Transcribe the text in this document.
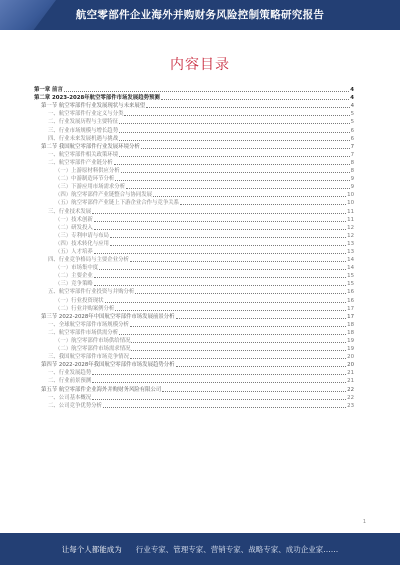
航空零部件企业海外并购财务风险控制策略研究报告
内容目录
第一章 前言	4
第二章 2023-2028年航空零部件市场发展趋势预测	4
第一节 航空零部件行业发展现状与未来展望	4
一、航空零部件行业定义与分类	5
二、行业发展历程与主要特征	5
三、行业市场规模与增长趋势	6
四、行业未来发展机遇与挑战	6
第二节 我国航空零部件行业发展环境分析	7
一、航空零部件相关政策环境	7
二、航空零部件产业链分析	8
（一）上游原材料供应分析	8
（二）中游制造环节分析	9
（三）下游应用市场需求分析	9
（四）航空零部件产业链整合与协同发展	10
（五）航空零部件产业链上下游企业合作与竞争关系	10
三、行业技术发展	11
（一）技术创新	11
（二）研发投入	12
（三）专利申请与布局	12
（四）技术转化与应用	13
（五）人才培养	13
四、行业竞争格局与主要企业分析	14
（一）市场集中度	14
（二）主要企业	15
（三）竞争策略	15
五、航空零部件行业投资与并购分析	16
（一）行业投资现状	16
（二）行业并购案例分析	17
第三节 2022-2028年中国航空零部件市场发展前景分析	17
一、全球航空零部件市场规模分析	18
二、航空零部件市场供需分析	18
（一）航空零部件市场供给情况	19
（二）航空零部件市场需求情况	19
三、我国航空零部件市场竞争情况	20
第四节 2022-2028年我国航空零部件市场发展趋势分析	20
一、行业发展趋势	21
二、行业前景预测	21
第五节 航空零部件企业海外并购财务风险有限公司	22
一、公司基本概况	22
二、公司竞争优势分析	23
1
让每个人都能成为 行业专家、管理专家、营销专家、战略专家、成功企业家……
